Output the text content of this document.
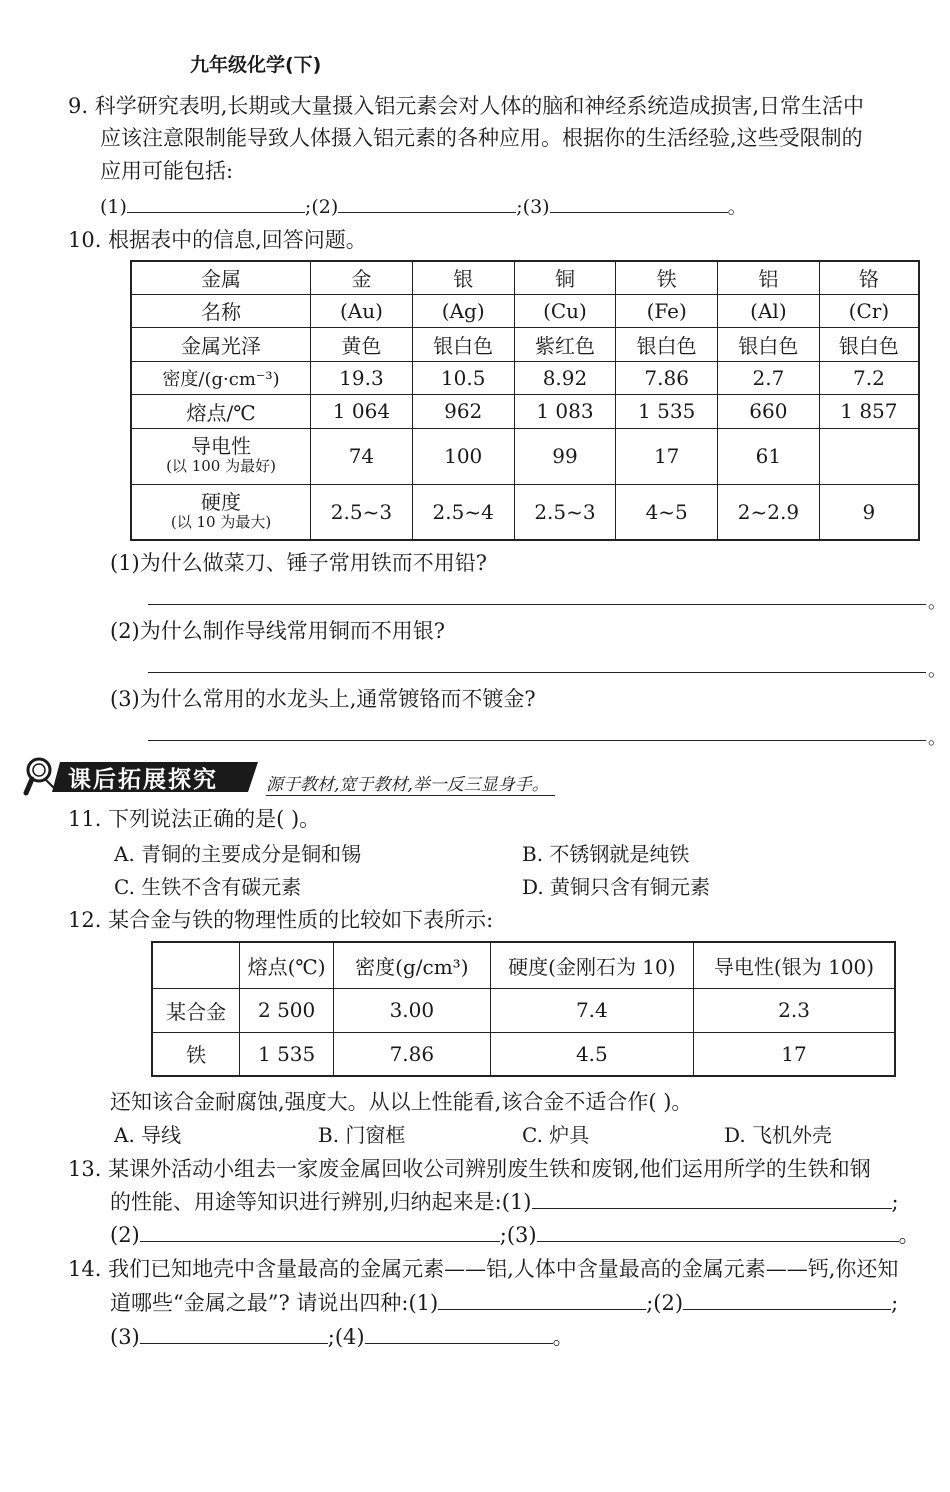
九年级化学(下)
9. 科学研究表明,长期或大量摄入铝元素会对人体的脑和神经系统造成损害,日常生活中
应该注意限制能导致人体摄入铝元素的各种应用。根据你的生活经验,这些受限制的
应用可能包括:
(1)	;(2)	;(3)	。
10. 根据表中的信息,回答问题。
金属	金	银	铜	铁	铝	铬
名称	(Au)	(Ag)	(Cu)	(Fe)	(Al)	(Cr)
金属光泽	黄色	银白色	紫红色	银白色	银白色	银白色
密度/(g·cm⁻³)	19.3	10.5	8.92	7.86	2.7	7.2
熔点/℃	1 064	962	1 083	1 535	660	1 857

导电性
(以 100 为最好)	74	100	99	17	61	

硬度
(以 10 为最大)	2.5~3	2.5~4	2.5~3	4~5	2~2.9	9
(1)为什么做菜刀、锤子常用铁而不用铅?
。
(2)为什么制作导线常用铜而不用银?
。
(3)为什么常用的水龙头上,通常镀铬而不镀金?
。
课后拓展探究	源于教材,宽于教材,举一反三显身手。
11. 下列说法正确的是( )。
A. 青铜的主要成分是铜和锡	B. 不锈钢就是纯铁
C. 生铁不含有碳元素	D. 黄铜只含有铜元素
12. 某合金与铁的物理性质的比较如下表所示:
	熔点(℃)	密度(g/cm³)	硬度(金刚石为 10)	导电性(银为 100)
某合金	2 500	3.00	7.4	2.3
铁	1 535	7.86	4.5	17
还知该合金耐腐蚀,强度大。从以上性能看,该合金不适合作( )。
A. 导线	B. 门窗框	C. 炉具	D. 飞机外壳
13. 某课外活动小组去一家废金属回收公司辨别废生铁和废钢,他们运用所学的生铁和钢
的性能、用途等知识进行辨别,归纳起来是:(1)	;
(2)	;(3)	。
14. 我们已知地壳中含量最高的金属元素——铝,人体中含量最高的金属元素——钙,你还知
道哪些“金属之最”? 请说出四种:(1)	;(2)	;
(3)	;(4)	。
